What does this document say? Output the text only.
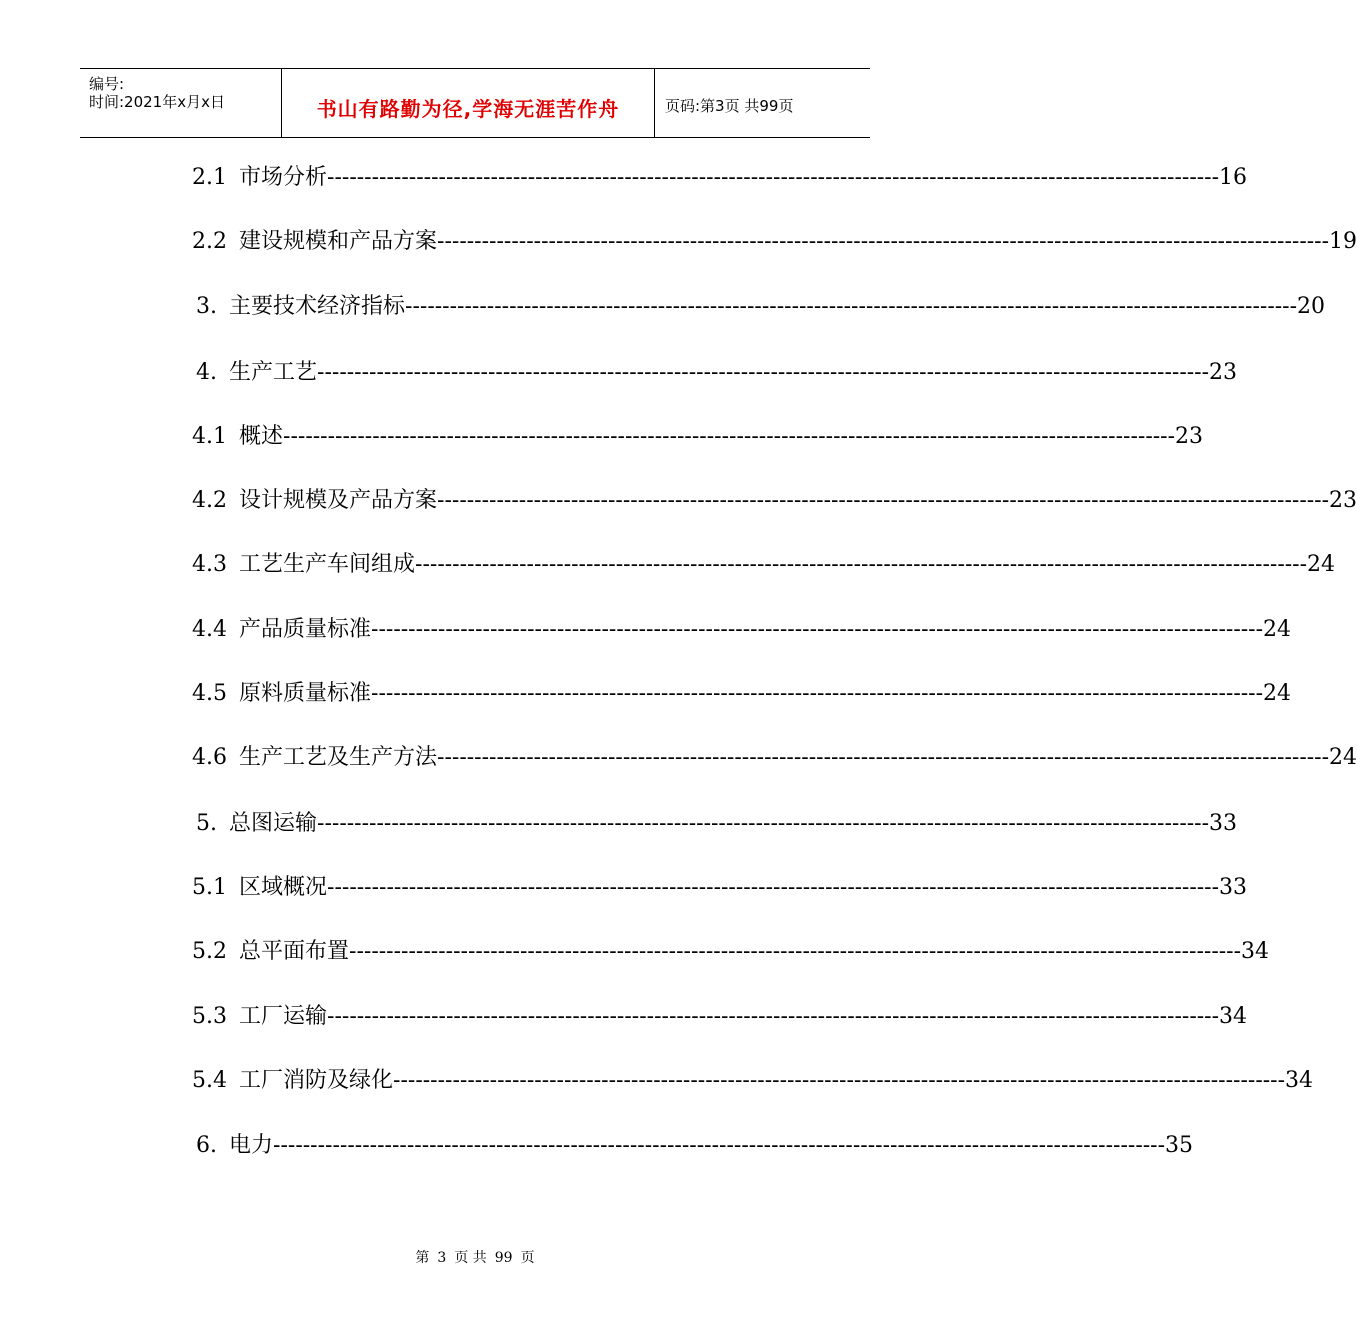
编号:
时间:2021年x月x日	书山有路勤为径,学海无涯苦作舟	页码:第3页 共99页
2.1 市场分析 ------------------------------------------------------------------------------------------------------------------------ 16
2.2 建设规模和产品方案 ------------------------------------------------------------------------------------------------------------------------ 19
3. 主要技术经济指标 ------------------------------------------------------------------------------------------------------------------------ 20
4. 生产工艺 ------------------------------------------------------------------------------------------------------------------------ 23
4.1 概述 ------------------------------------------------------------------------------------------------------------------------ 23
4.2 设计规模及产品方案 ------------------------------------------------------------------------------------------------------------------------ 23
4.3 工艺生产车间组成 ------------------------------------------------------------------------------------------------------------------------ 24
4.4 产品质量标准 ------------------------------------------------------------------------------------------------------------------------ 24
4.5 原料质量标准 ------------------------------------------------------------------------------------------------------------------------ 24
4.6 生产工艺及生产方法 ------------------------------------------------------------------------------------------------------------------------ 24
5. 总图运输 ------------------------------------------------------------------------------------------------------------------------ 33
5.1 区域概况 ------------------------------------------------------------------------------------------------------------------------ 33
5.2 总平面布置 ------------------------------------------------------------------------------------------------------------------------ 34
5.3 工厂运输 ------------------------------------------------------------------------------------------------------------------------ 34
5.4 工厂消防及绿化 ------------------------------------------------------------------------------------------------------------------------ 34
6. 电力 ------------------------------------------------------------------------------------------------------------------------ 35
第 3 页 共 99 页
